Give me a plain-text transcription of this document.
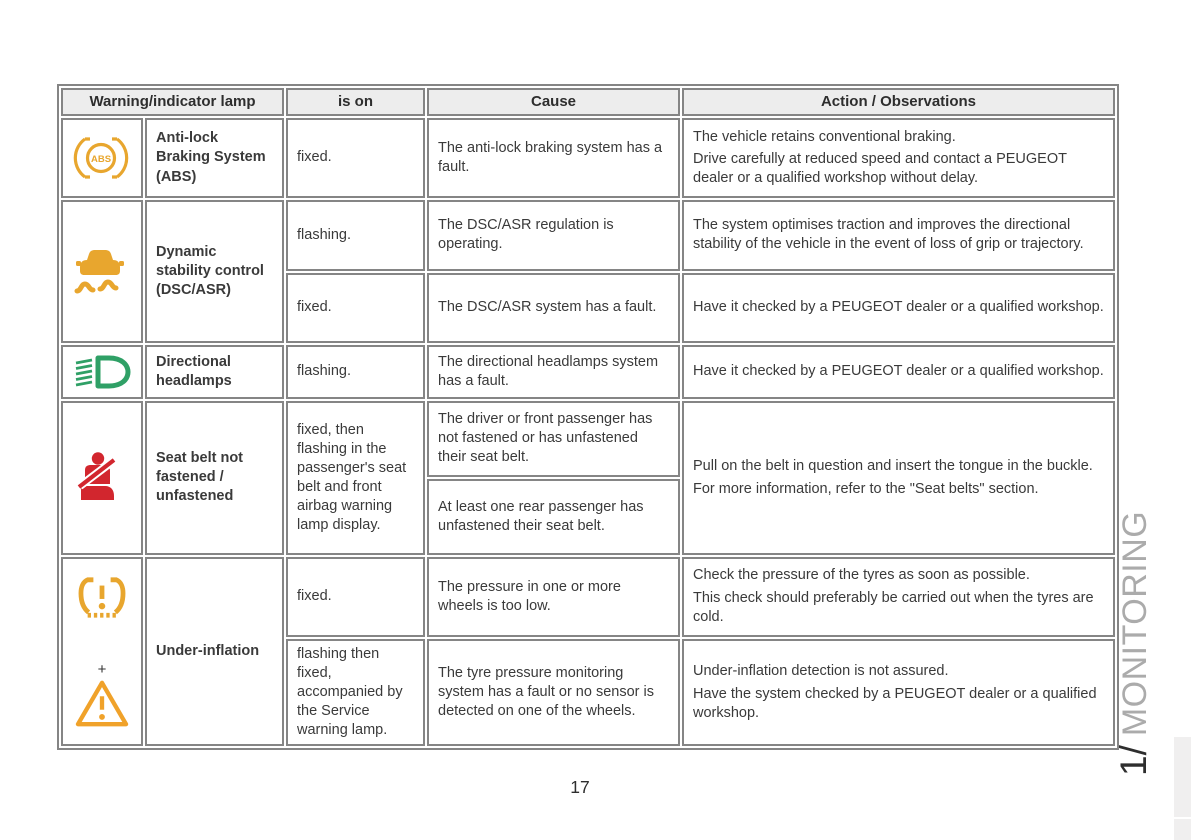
Warning/indicator lamp		is on	Cause	Action / Observations

ABS	Anti-lock Braking System (ABS)	fixed.	The anti-lock braking system has a fault.	The vehicle retains conventional braking.

Drive carefully at reduced speed and contact a PEUGEOT dealer or a qualified workshop without delay.

	Dynamic stability control (DSC/ASR)	flashing.	The DSC/ASR regulation is operating.	The system optimises traction and improves the directional stability of the vehicle in the event of loss of grip or trajectory.

		fixed.	The DSC/ASR system has a fault.	Have it checked by a PEUGEOT dealer or a qualified workshop.

	Directional headlamps	flashing.	The directional headlamps system has a fault.	Have it checked by a PEUGEOT dealer or a qualified workshop.

	Seat belt not fastened / unfastened	fixed, then flashing in the passenger's seat belt and front airbag warning lamp display.	The driver or front passenger has not fastened or has unfastened their seat belt.	Pull on the belt in question and insert the tongue in the buckle.

For more information, refer to the "Seat belts" section.

			At least one rear passenger has unfastened their seat belt.	

+	Under-inflation	fixed.	The pressure in one or more wheels is too low.	Check the pressure of the tyres as soon as possible.

This check should preferably be carried out when the tyres are cold.

		flashing then fixed, accompanied by the Service warning lamp.	The tyre pressure monitoring system has a fault or no sensor is detected on one of the wheels.	Under-inflation detection is not assured.

Have the system checked by a PEUGEOT dealer or a qualified workshop.

1/
MONITORING
17
